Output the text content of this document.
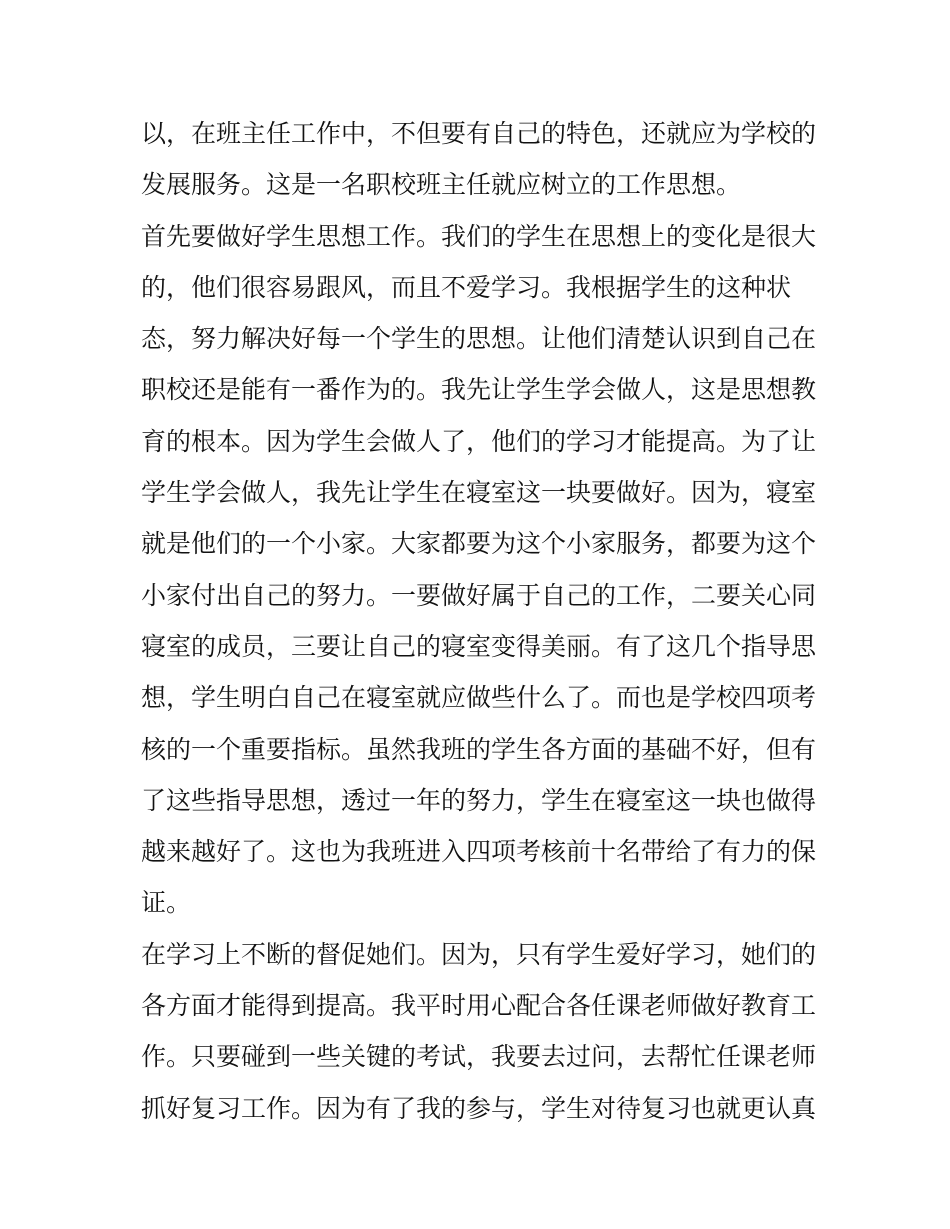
以，在班主任工作中，不但要有自己的特色，还就应为学校的
发展服务。这是一名职校班主任就应树立的工作思想。
首先要做好学生思想工作。我们的学生在思想上的变化是很大
的，他们很容易跟风，而且不爱学习。我根据学生的这种状
态，努力解决好每一个学生的思想。让他们清楚认识到自己在
职校还是能有一番作为的。我先让学生学会做人，这是思想教
育的根本。因为学生会做人了，他们的学习才能提高。为了让
学生学会做人，我先让学生在寝室这一块要做好。因为，寝室
就是他们的一个小家。大家都要为这个小家服务，都要为这个
小家付出自己的努力。一要做好属于自己的工作，二要关心同
寝室的成员，三要让自己的寝室变得美丽。有了这几个指导思
想，学生明白自己在寝室就应做些什么了。而也是学校四项考
核的一个重要指标。虽然我班的学生各方面的基础不好，但有
了这些指导思想，透过一年的努力，学生在寝室这一块也做得
越来越好了。这也为我班进入四项考核前十名带给了有力的保
证。
在学习上不断的督促她们。因为，只有学生爱好学习，她们的
各方面才能得到提高。我平时用心配合各任课老师做好教育工
作。只要碰到一些关键的考试，我要去过问，去帮忙任课老师
抓好复习工作。因为有了我的参与，学生对待复习也就更认真
